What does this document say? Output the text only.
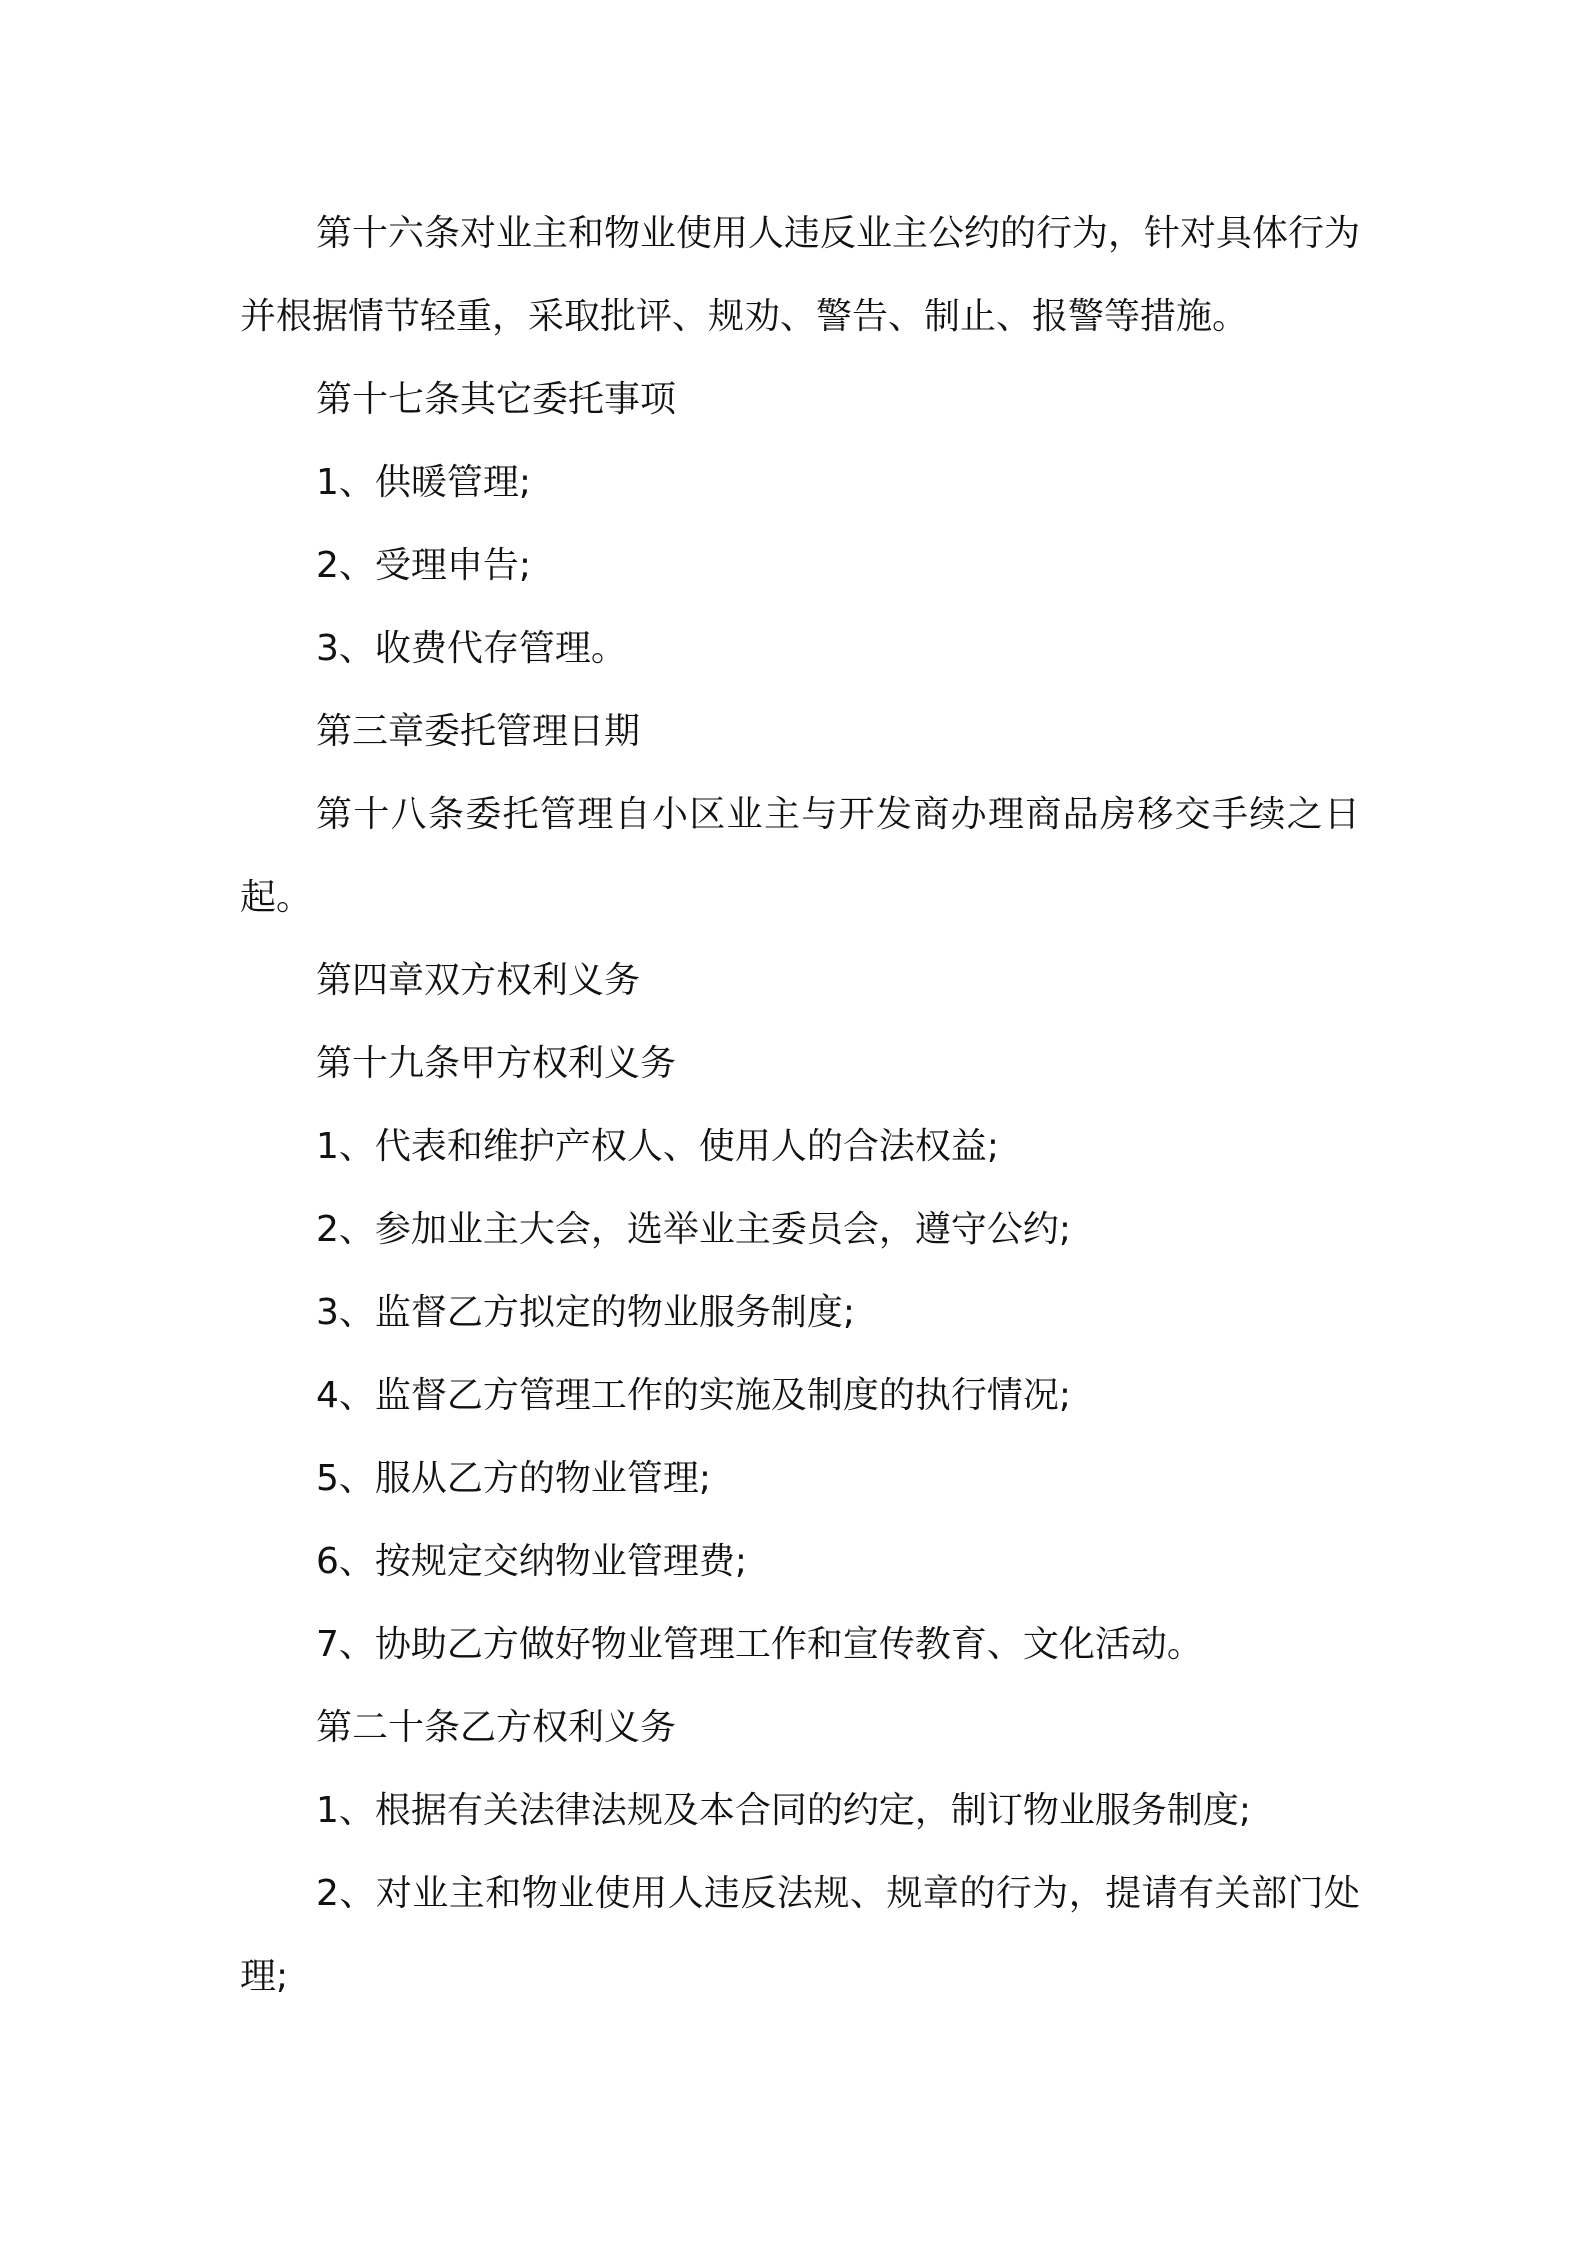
第十六条对业主和物业使用人违反业主公约的行为，针对具体行为并根据情节轻重，采取批评、规劝、警告、制止、报警等措施。

第十七条其它委托事项

1、供暖管理;

2、受理申告;

3、收费代存管理。

第三章委托管理日期

第十八条委托管理自小区业主与开发商办理商品房移交手续之日起。

第四章双方权利义务

第十九条甲方权利义务

1、代表和维护产权人、使用人的合法权益;

2、参加业主大会，选举业主委员会，遵守公约;

3、监督乙方拟定的物业服务制度;

4、监督乙方管理工作的实施及制度的执行情况;

5、服从乙方的物业管理;

6、按规定交纳物业管理费;

7、协助乙方做好物业管理工作和宣传教育、文化活动。

第二十条乙方权利义务

1、根据有关法律法规及本合同的约定，制订物业服务制度;

2、对业主和物业使用人违反法规、规章的行为，提请有关部门处理;
